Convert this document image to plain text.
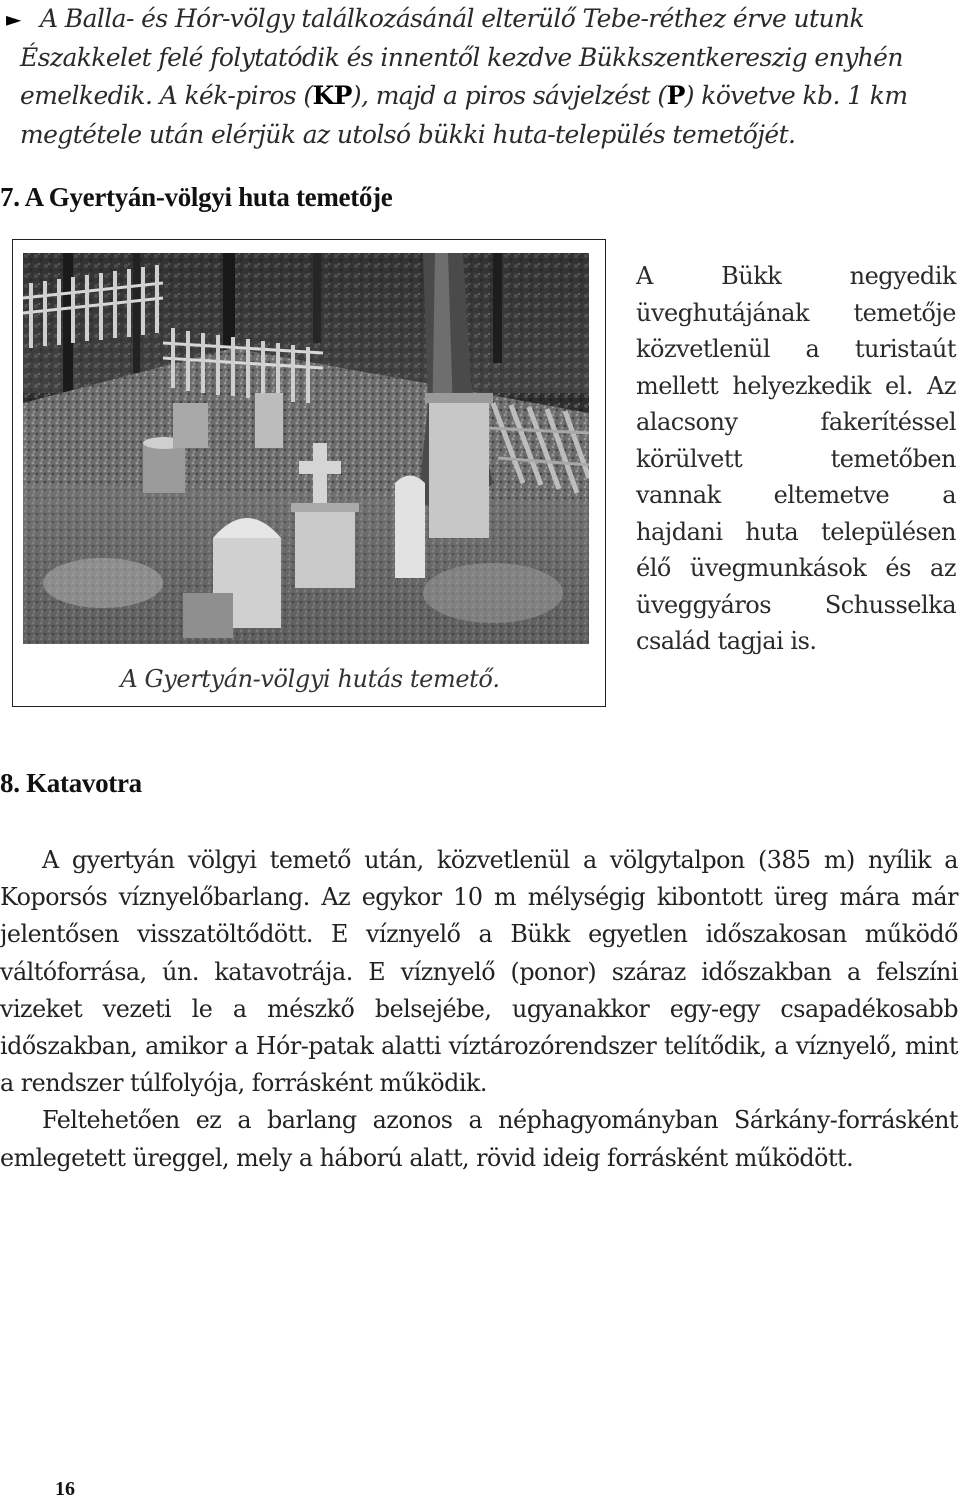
► A Balla- és Hór-völgy találkozásánál elterülő Tebe-réthez érve utunk Északkelet felé folytatódik és innentől kezdve Bükkszentkereszig enyhén emelkedik. A kék-piros (KP), majd a piros sávjelzést (P) követve kb. 1 km megtétele után elérjük az utolsó bükki huta-település temetőjét.

7. A Gyertyán-völgyi huta temetője
A Gyertyán-völgyi hutás temető.

A Bükk negyedik üveghutájának temetője közvetlenül a turistaút mellett helyezkedik el. Az alacsony fakerítéssel körülvett temetőben vannak eltemetve a hajdani huta településen élő üvegmunkások és az üveggyáros Schusselka család tagjai is.

8. Katavotra

A gyertyán völgyi temető után, közvetlenül a völgytalpon (385 m) nyílik a Koporsós víznyelőbarlang. Az egykor 10 m mélységig kibontott üreg mára már jelentősen visszatöltődött. E víznyelő a Bükk egyetlen időszakosan működő váltóforrása, ún. katavotrája. E víznyelő (ponor) száraz időszakban a felszíni vizeket vezeti le a mészkő belsejébe, ugyanakkor egy-egy csapadékosabb időszakban, amikor a Hór-patak alatti víztározórendszer telítődik, a víznyelő, mint a rendszer túlfolyója, forrásként működik.

Feltehetően ez a barlang azonos a néphagyományban Sárkány-forrásként emlegetett üreggel, mely a háború alatt, rövid ideig forrásként működött.

16
